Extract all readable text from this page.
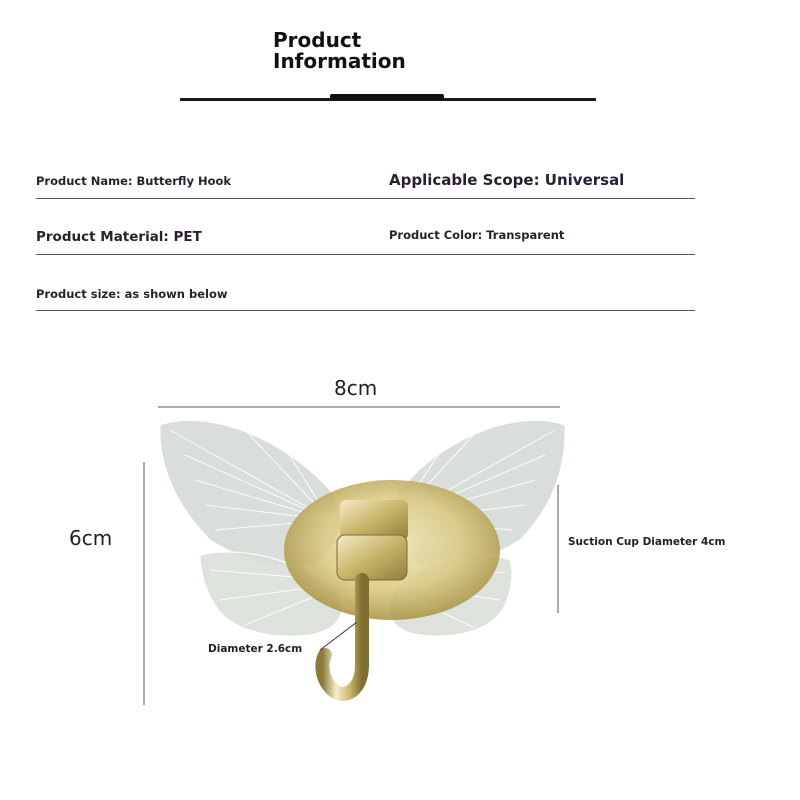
Product
Information
Product Name: Butterfly Hook	Applicable Scope: Universal
Product Material: PET	Product Color: Transparent
Product size: as shown below
8cm
6cm	Suction Cup Diameter 4cm
Diameter 2.6cm
